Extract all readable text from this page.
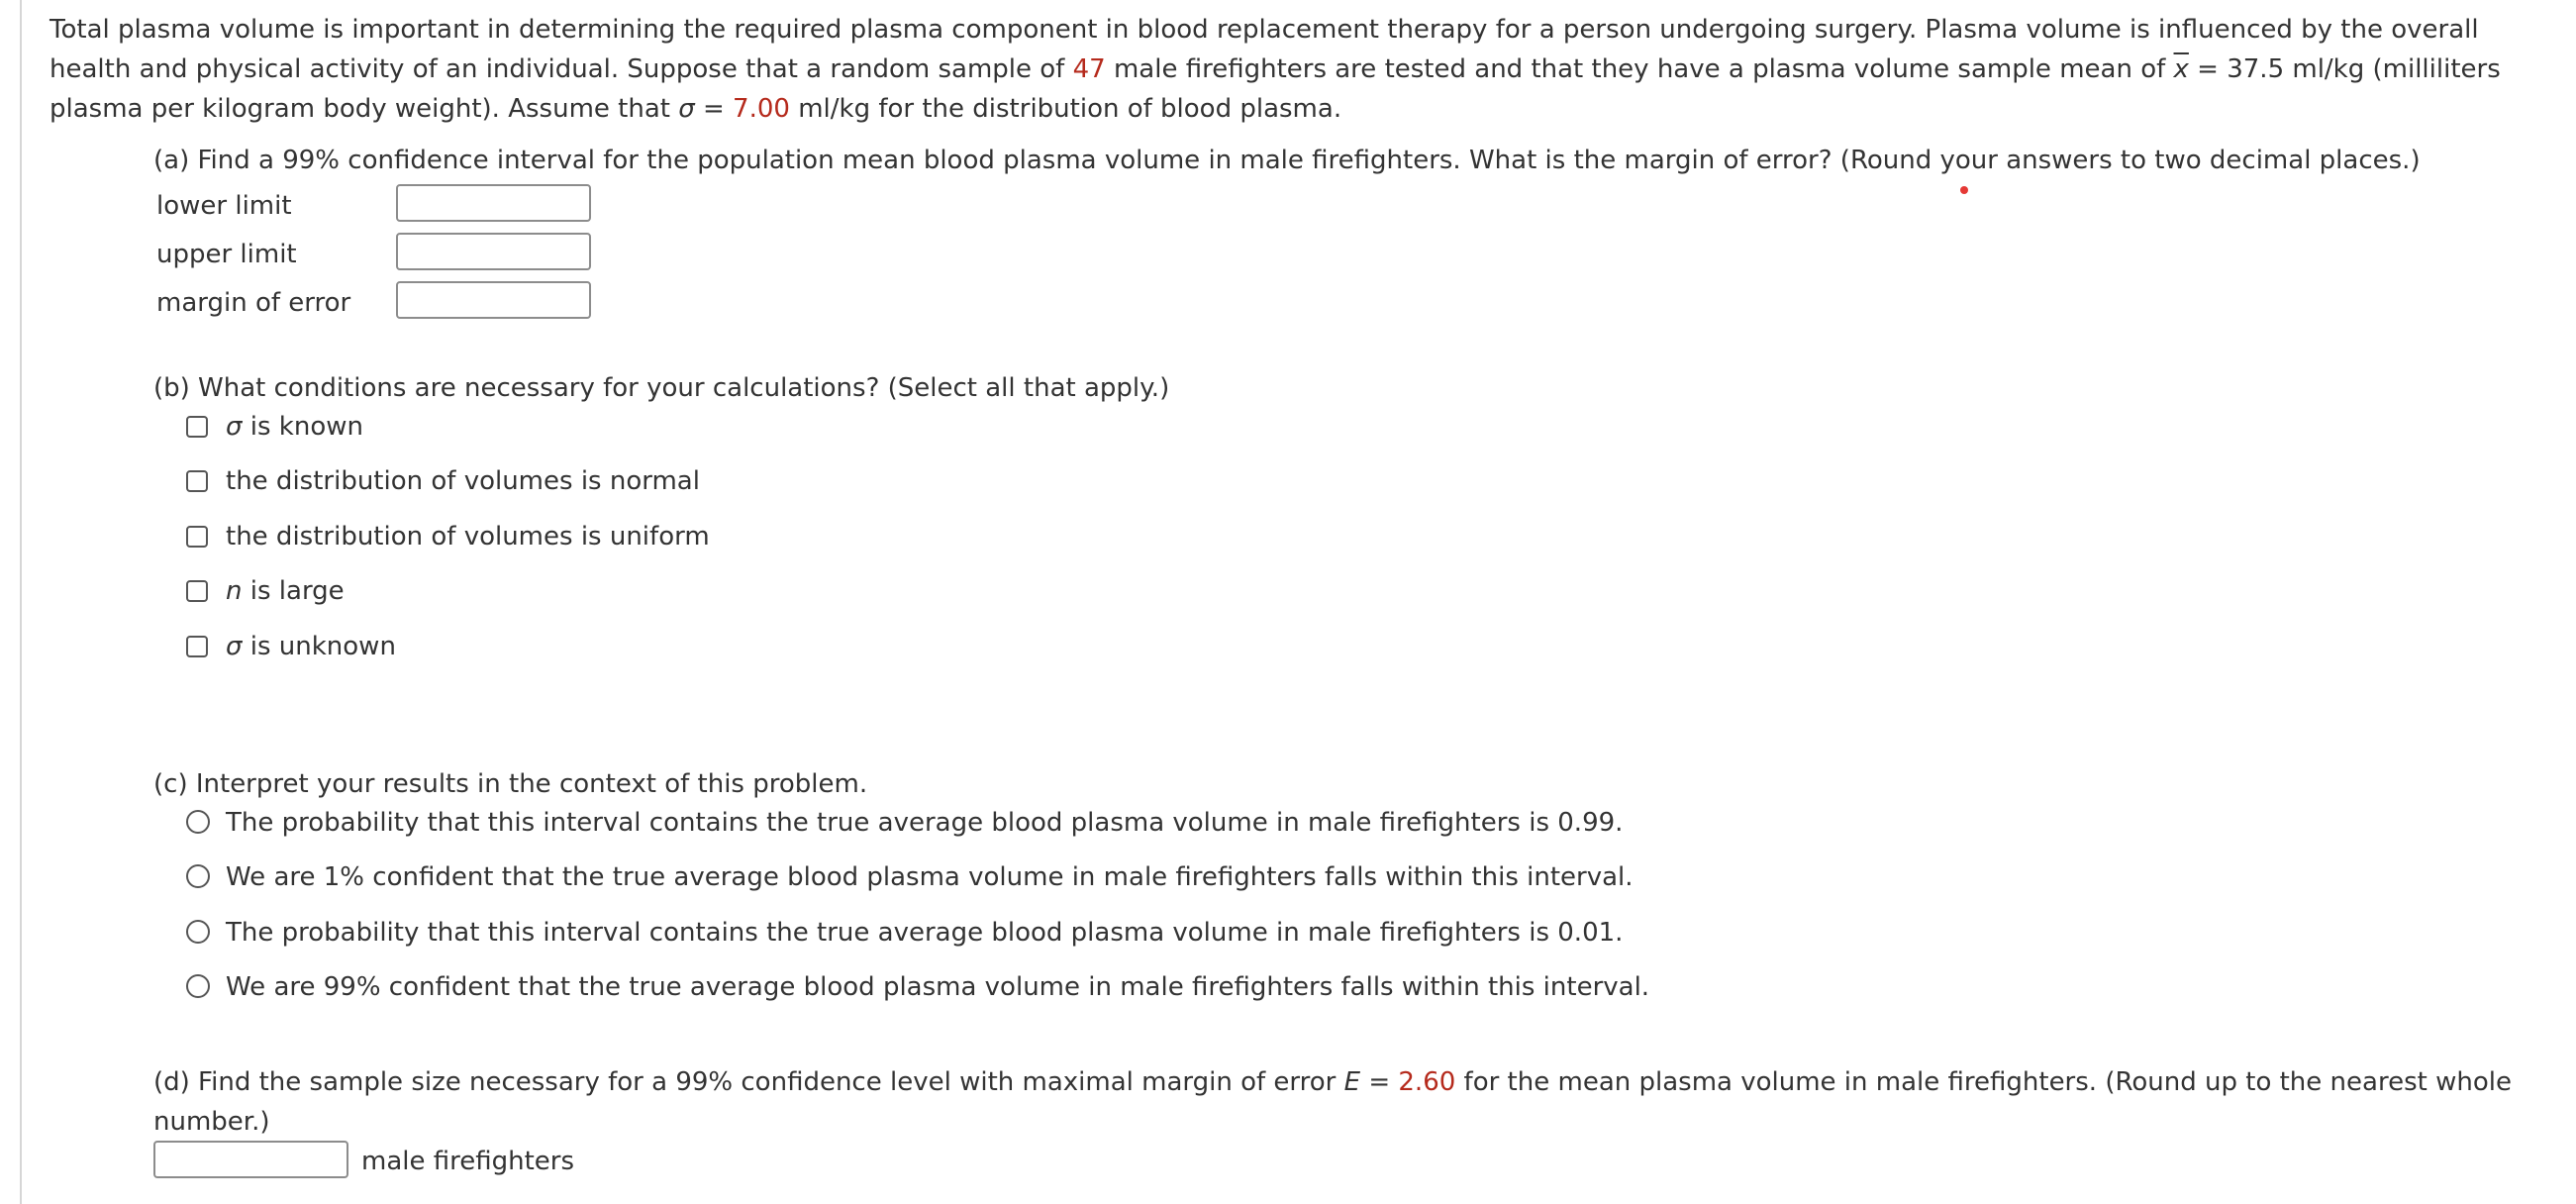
Total plasma volume is important in determining the required plasma component in blood replacement therapy for a person undergoing surgery. Plasma volume is influenced by the overall health and physical activity of an individual. Suppose that a random sample of 47 male firefighters are tested and that they have a plasma volume sample mean of $\overline{x} = 37.5$ ml/kg (milliliters plasma per kilogram body weight). Assume that σ = 7.00 ml/kg for the distribution of blood plasma.
(a) Find a 99% confidence interval for the population mean blood plasma volume in male firefighters. What is the margin of error? (Round your answers to two decimal places.)
lower limit
upper limit
margin of error
(b) What conditions are necessary for your calculations? (Select all that apply.)
σ is known
the distribution of volumes is normal
the distribution of volumes is uniform
n is large
σ is unknown
(c) Interpret your results in the context of this problem.
The probability that this interval contains the true average blood plasma volume in male firefighters is 0.99.
We are 1% confident that the true average blood plasma volume in male firefighters falls within this interval.
The probability that this interval contains the true average blood plasma volume in male firefighters is 0.01.
We are 99% confident that the true average blood plasma volume in male firefighters falls within this interval.
(d) Find the sample size necessary for a 99% confidence level with maximal margin of error E = 2.60 for the mean plasma volume in male firefighters. (Round up to the nearest whole number.)
male firefighters
